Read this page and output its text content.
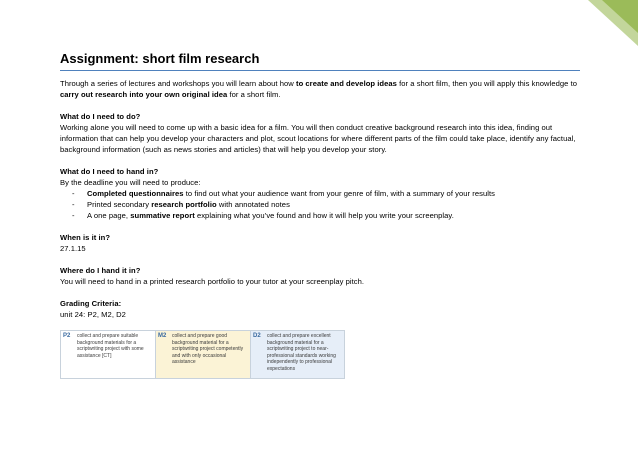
Assignment: short film research

Through a series of lectures and workshops you will learn about how to create and develop ideas for a short film, then you will apply this knowledge to carry out research into your own original idea for a short film.

What do I need to do?

Working alone you will need to come up with a basic idea for a film. You will then conduct creative background research into this idea, finding out information that can help you develop your characters and plot, scout locations for where different parts of the film could take place, identify any factual, background information (such as news stories and articles) that will help you develop your story.

What do I need to hand in?

By the deadline you will need to produce:

- Completed questionnaires to find out what your audience want from your genre of film, with a summary of your results
- Printed secondary research portfolio with annotated notes
- A one page, summative report explaining what you’ve found and how it will help you write your screenplay.

When is it in?

27.1.15

Where do I hand it in?

You will need to hand in a printed research portfolio to your tutor at your screenplay pitch.

Grading Criteria:

unit 24: P2, M2, D2

P2	collect and prepare suitable background materials for a scriptwriting project with some assistance [CT]
M2	collect and prepare good background material for a scriptwriting project competently and with only occasional assistance
D2	collect and prepare excellent background material for a scriptwriting project to near-professional standards working independently to professional expectations
